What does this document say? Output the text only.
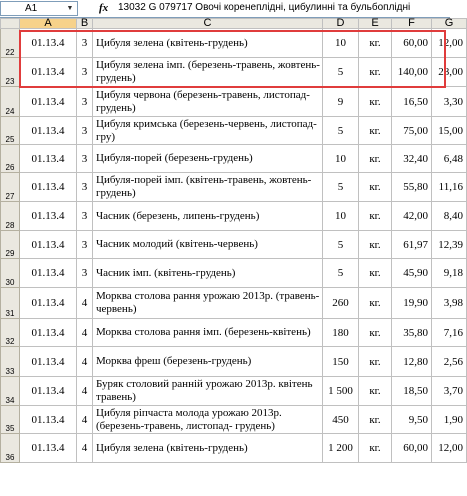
A1	▼ fx 13032 G 079717 Овочі коренеплідні, цибулинні та бульбоплідні
	A	B	C	D	E	F	G
22	01.13.4	3	Цибуля зелена (квітень-грудень)	10	кг.	60,00	12,00
23	01.13.4	3	Цибуля зелена імп. (березень-травень, жовтень-грудень)	5	кг.	140,00	28,00
24	01.13.4	3	Цибуля червона (березень-травень, листопад-грудень)	9	кг.	16,50	3,30
25	01.13.4	3	Цибуля кримська (березень-червень, листопад-гру)	5	кг.	75,00	15,00
26	01.13.4	3	Цибуля-порей (березень-грудень)	10	кг.	32,40	6,48
27	01.13.4	3	Цибуля-порей імп. (квітень-травень, жовтень-грудень)	5	кг.	55,80	11,16
28	01.13.4	3	Часник (березень, липень-грудень)	10	кг.	42,00	8,40
29	01.13.4	3	Часник молодий (квітень-червень)	5	кг.	61,97	12,39
30	01.13.4	3	Часник імп. (квітень-грудень)	5	кг.	45,90	9,18
31	01.13.4	4	Морква столова рання урожаю 2013р. (травень-червень)	260	кг.	19,90	3,98
32	01.13.4	4	Морква столова рання імп. (березень-квітень)	180	кг.	35,80	7,16
33	01.13.4	4	Морква фреш (березень-грудень)	150	кг.	12,80	2,56
34	01.13.4	4	Буряк столовий ранній урожаю 2013р. квітень травень)	1 500	кг.	18,50	3,70
35	01.13.4	4	Цибуля ріпчаста молода урожаю 2013р. (березень-травень, листопад- грудень)	450	кг.	9,50	1,90
36	01.13.4	4	Цибуля зелена (квітень-грудень)	1 200	кг.	60,00	12,00
